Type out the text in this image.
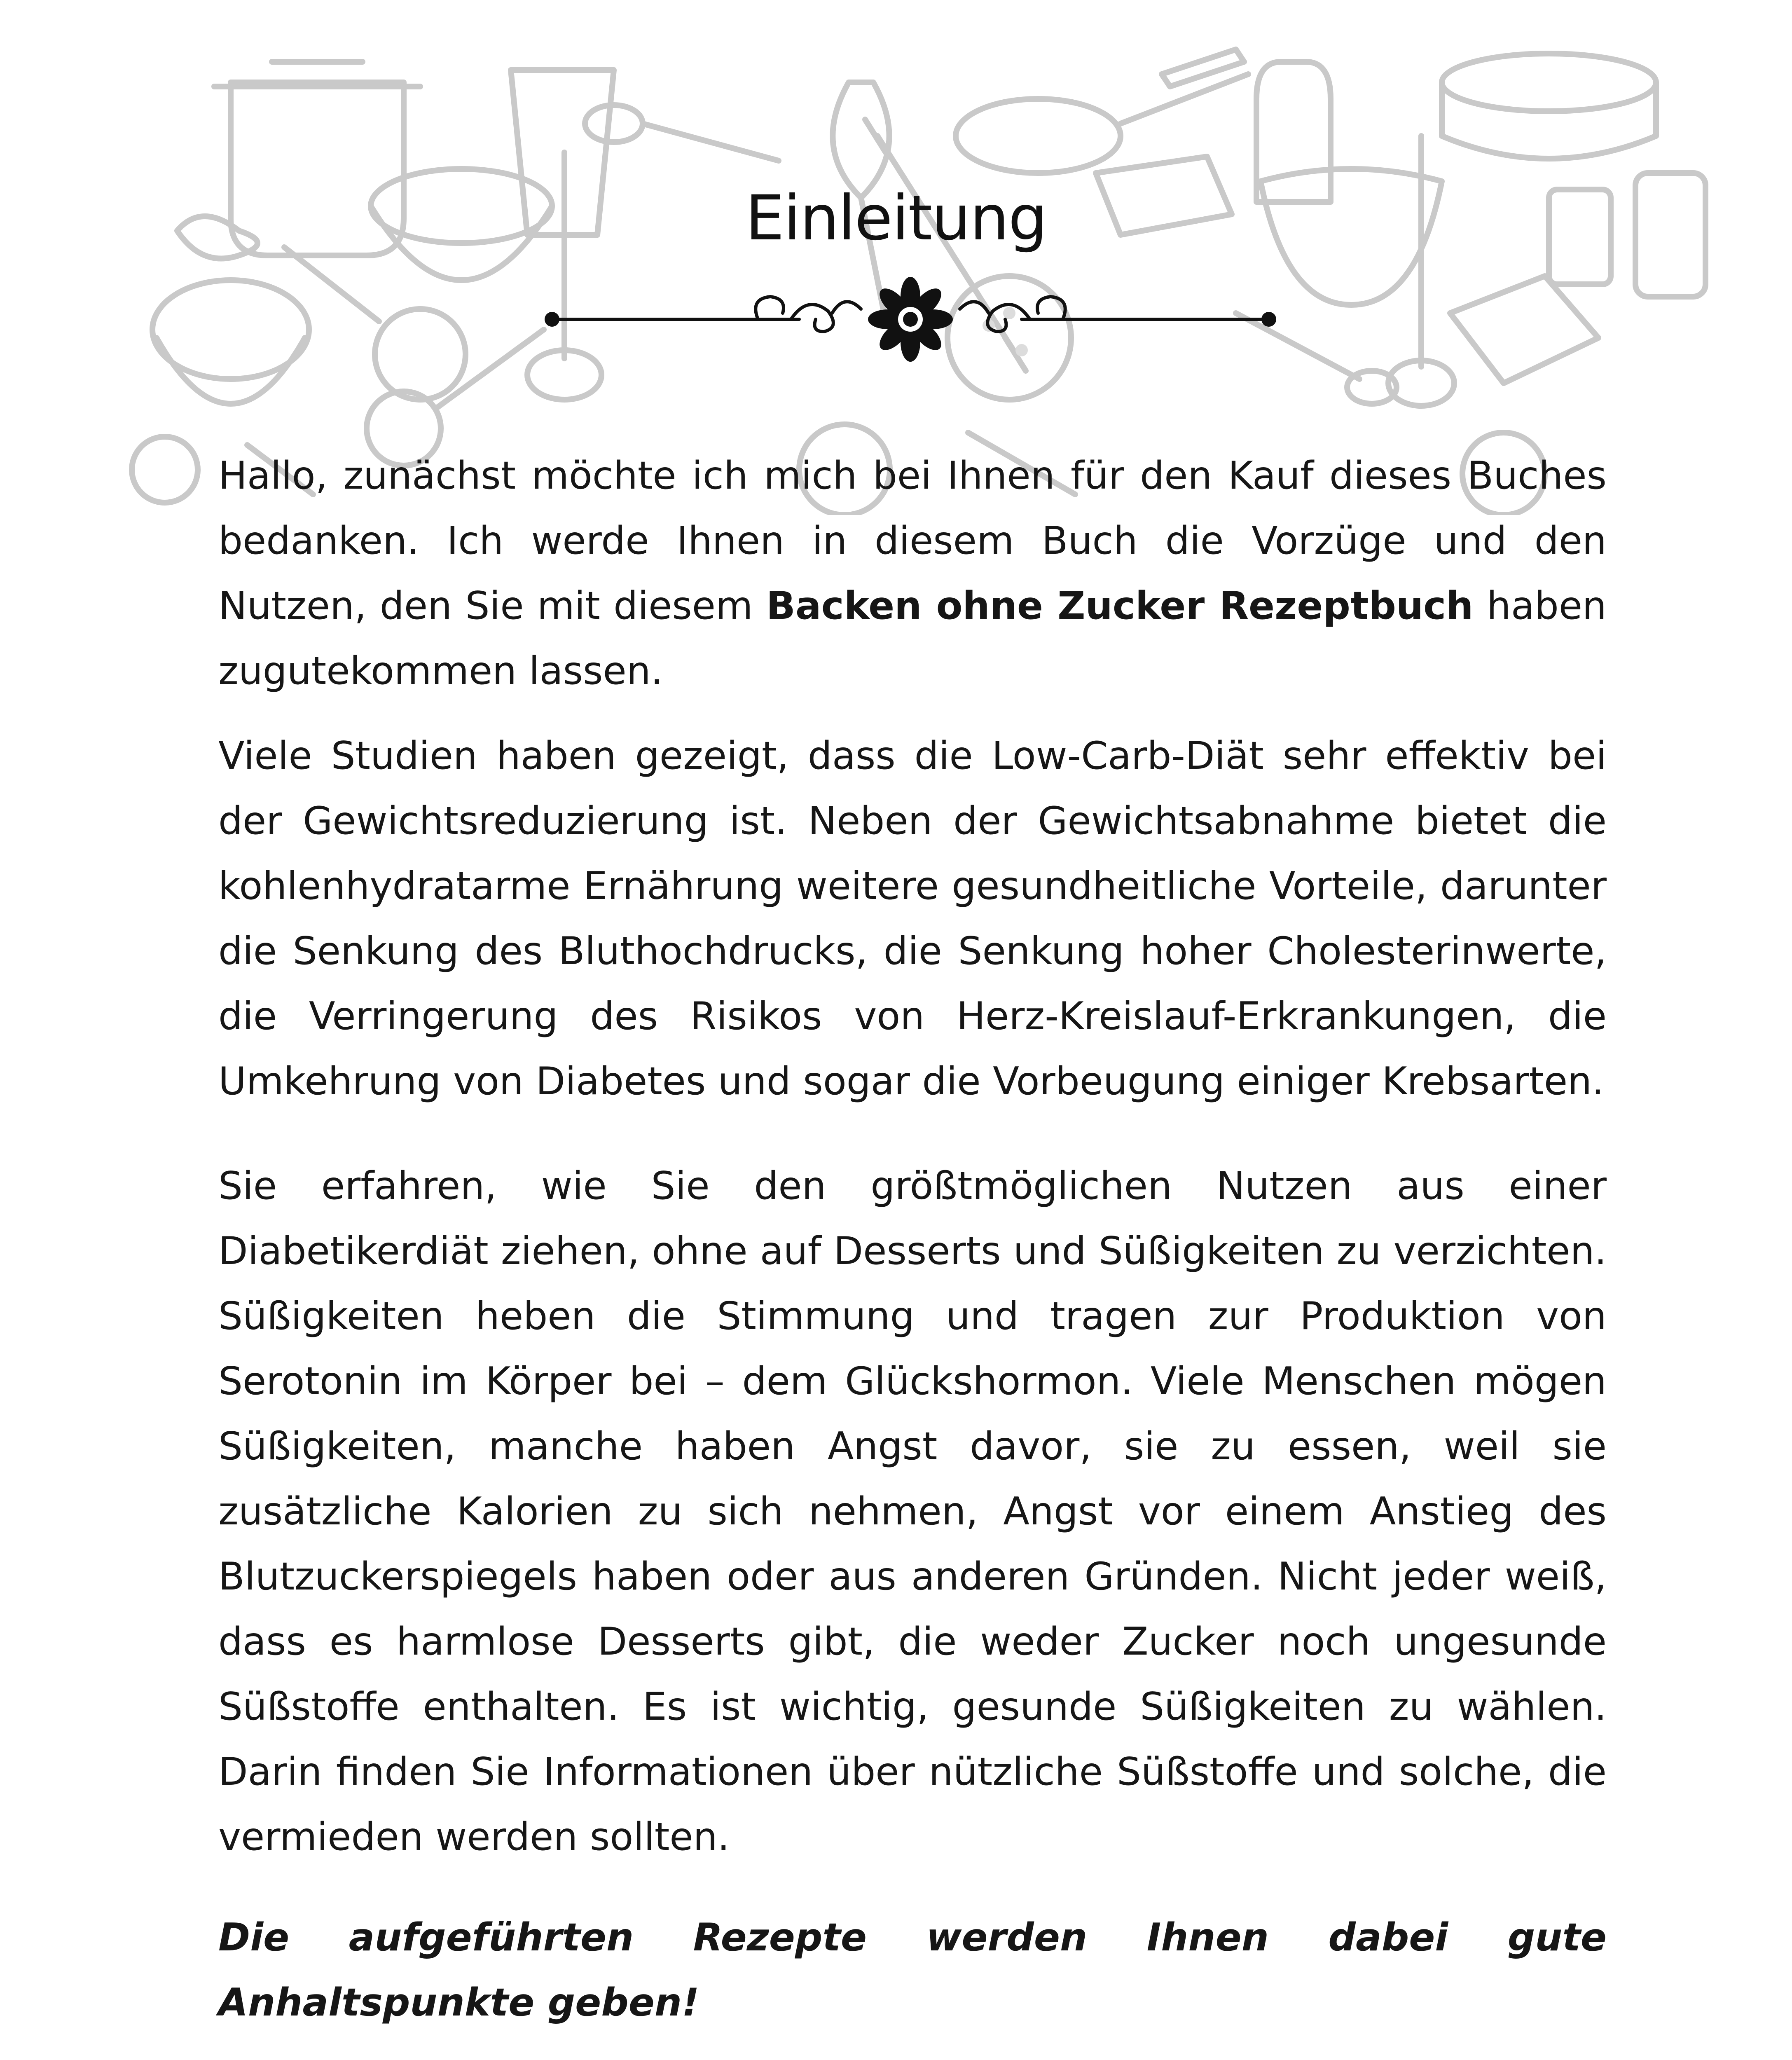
Einleitung

Hallo, zunächst möchte ich mich bei Ihnen für den Kauf dieses Buches bedanken. Ich werde Ihnen in diesem Buch die Vorzüge und den Nutzen, den Sie mit diesem Backen ohne Zucker Rezeptbuch haben zugutekommen lassen.

Viele Studien haben gezeigt, dass die Low-Carb-Diät sehr effektiv bei der Gewichtsreduzierung ist. Neben der Gewichtsabnahme bietet die kohlenhydratarme Ernährung weitere gesundheitliche Vorteile, darunter die Senkung des Bluthochdrucks, die Senkung hoher Cholesterinwerte, die Verringerung des Risikos von Herz-Kreislauf-Erkrankungen, die Umkehrung von Diabetes und sogar die Vorbeugung einiger Krebsarten.

Sie erfahren, wie Sie den größtmöglichen Nutzen aus einer Diabetikerdiät ziehen, ohne auf Desserts und Süßigkeiten zu verzichten. Süßigkeiten heben die Stimmung und tragen zur Produktion von Serotonin im Körper bei – dem Glückshormon. Viele Menschen mögen Süßigkeiten, manche haben Angst davor, sie zu essen, weil sie zusätzliche Kalorien zu sich nehmen, Angst vor einem Anstieg des Blutzuckerspiegels haben oder aus anderen Gründen. Nicht jeder weiß, dass es harmlose Desserts gibt, die weder Zucker noch ungesunde Süßstoffe enthalten. Es ist wichtig, gesunde Süßigkeiten zu wählen. Darin finden Sie Informationen über nützliche Süßstoffe und solche, die vermieden werden sollten.

Die aufgeführten Rezepte werden Ihnen dabei gute Anhaltspunkte geben!
